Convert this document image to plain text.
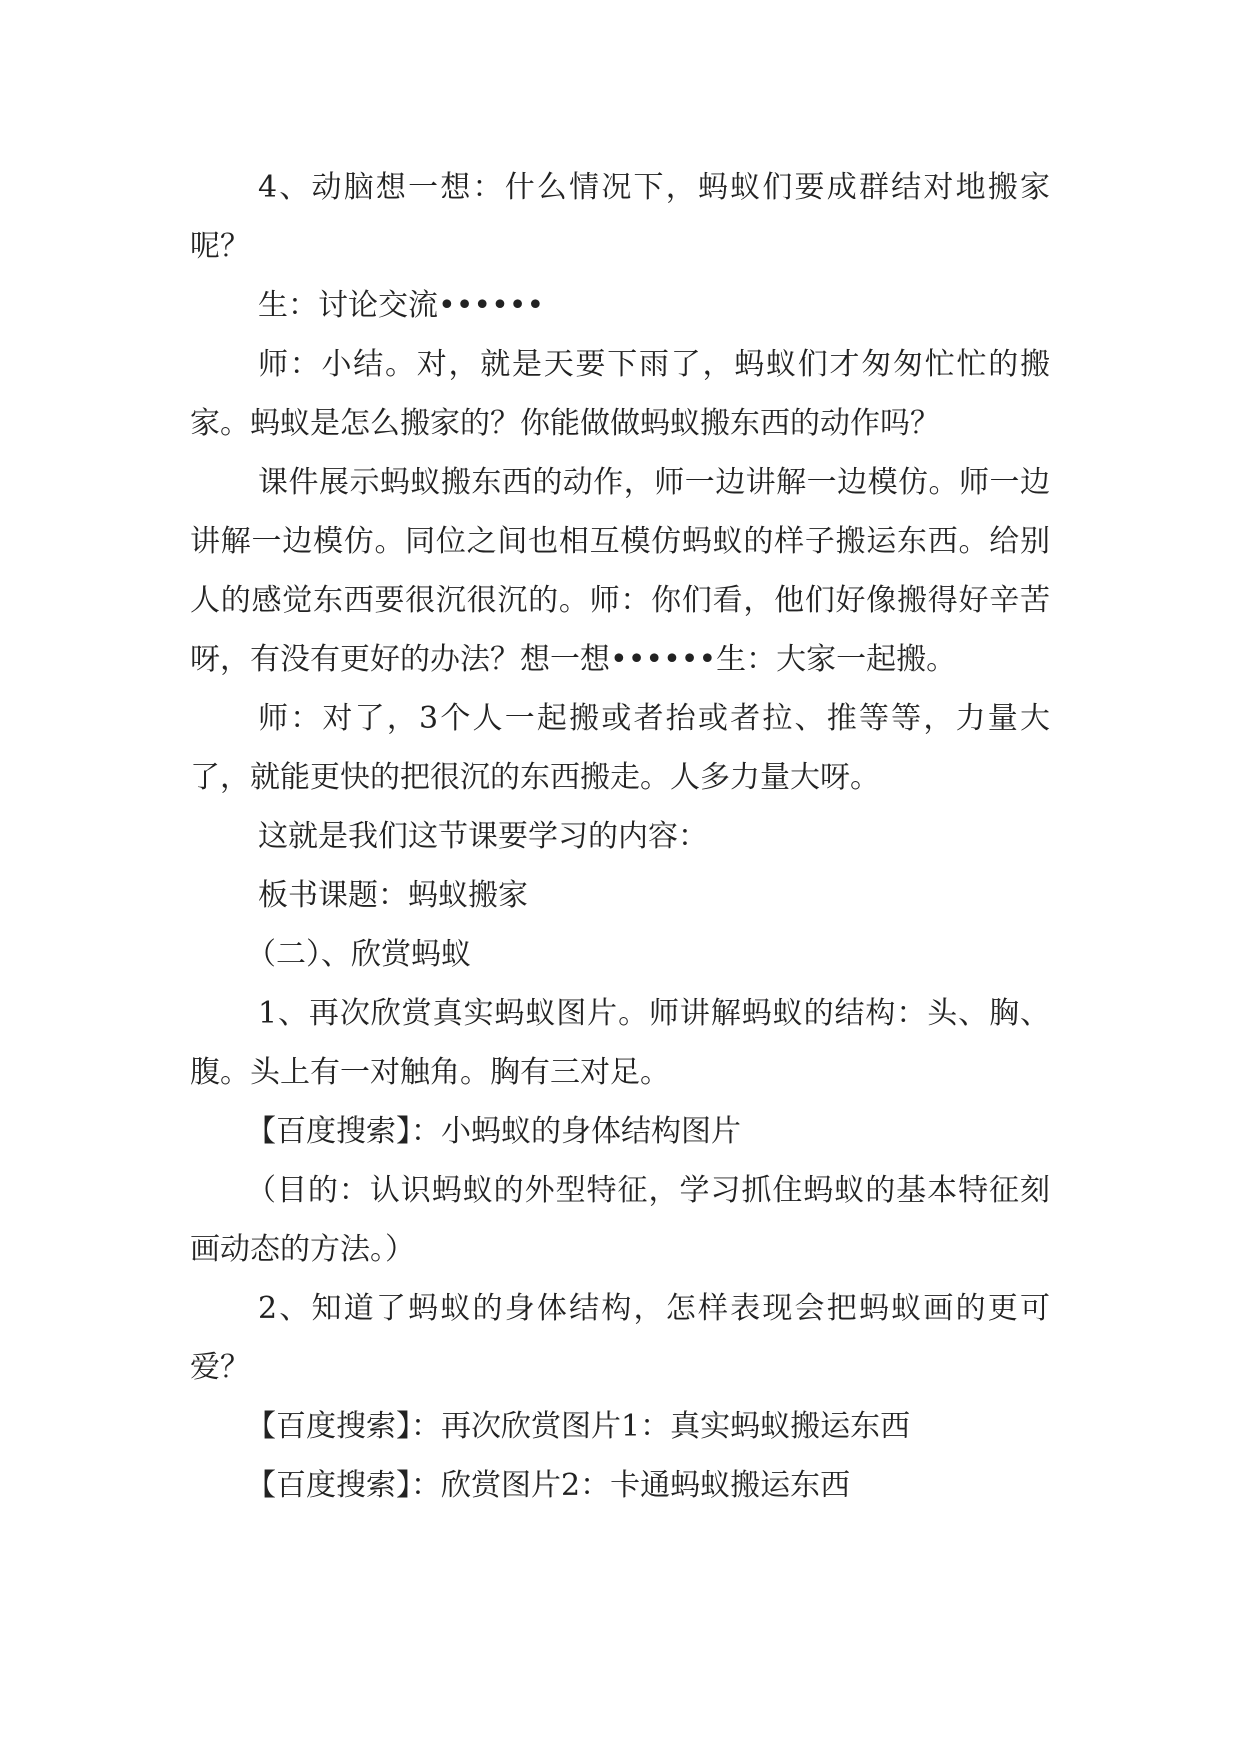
4、动脑想一想：什么情况下，蚂蚁们要成群结对地搬家呢？

生：讨论交流••••••

师：小结。对，就是天要下雨了，蚂蚁们才匆匆忙忙的搬家。蚂蚁是怎么搬家的？你能做做蚂蚁搬东西的动作吗？

课件展示蚂蚁搬东西的动作，师一边讲解一边模仿。师一边讲解一边模仿。同位之间也相互模仿蚂蚁的样子搬运东西。给别人的感觉东西要很沉很沉的。师：你们看，他们好像搬得好辛苦呀，有没有更好的办法？想一想••••••生：大家一起搬。

师：对了，3个人一起搬或者抬或者拉、推等等，力量大了，就能更快的把很沉的东西搬走。人多力量大呀。

这就是我们这节课要学习的内容：

板书课题：蚂蚁搬家

（二）、欣赏蚂蚁

1、再次欣赏真实蚂蚁图片。师讲解蚂蚁的结构：头、胸、腹。头上有一对触角。胸有三对足。

【百度搜索】：小蚂蚁的身体结构图片

（目的：认识蚂蚁的外型特征，学习抓住蚂蚁的基本特征刻画动态的方法。）

2、知道了蚂蚁的身体结构，怎样表现会把蚂蚁画的更可爱？

【百度搜索】：再次欣赏图片1：真实蚂蚁搬运东西

【百度搜索】：欣赏图片2：卡通蚂蚁搬运东西
